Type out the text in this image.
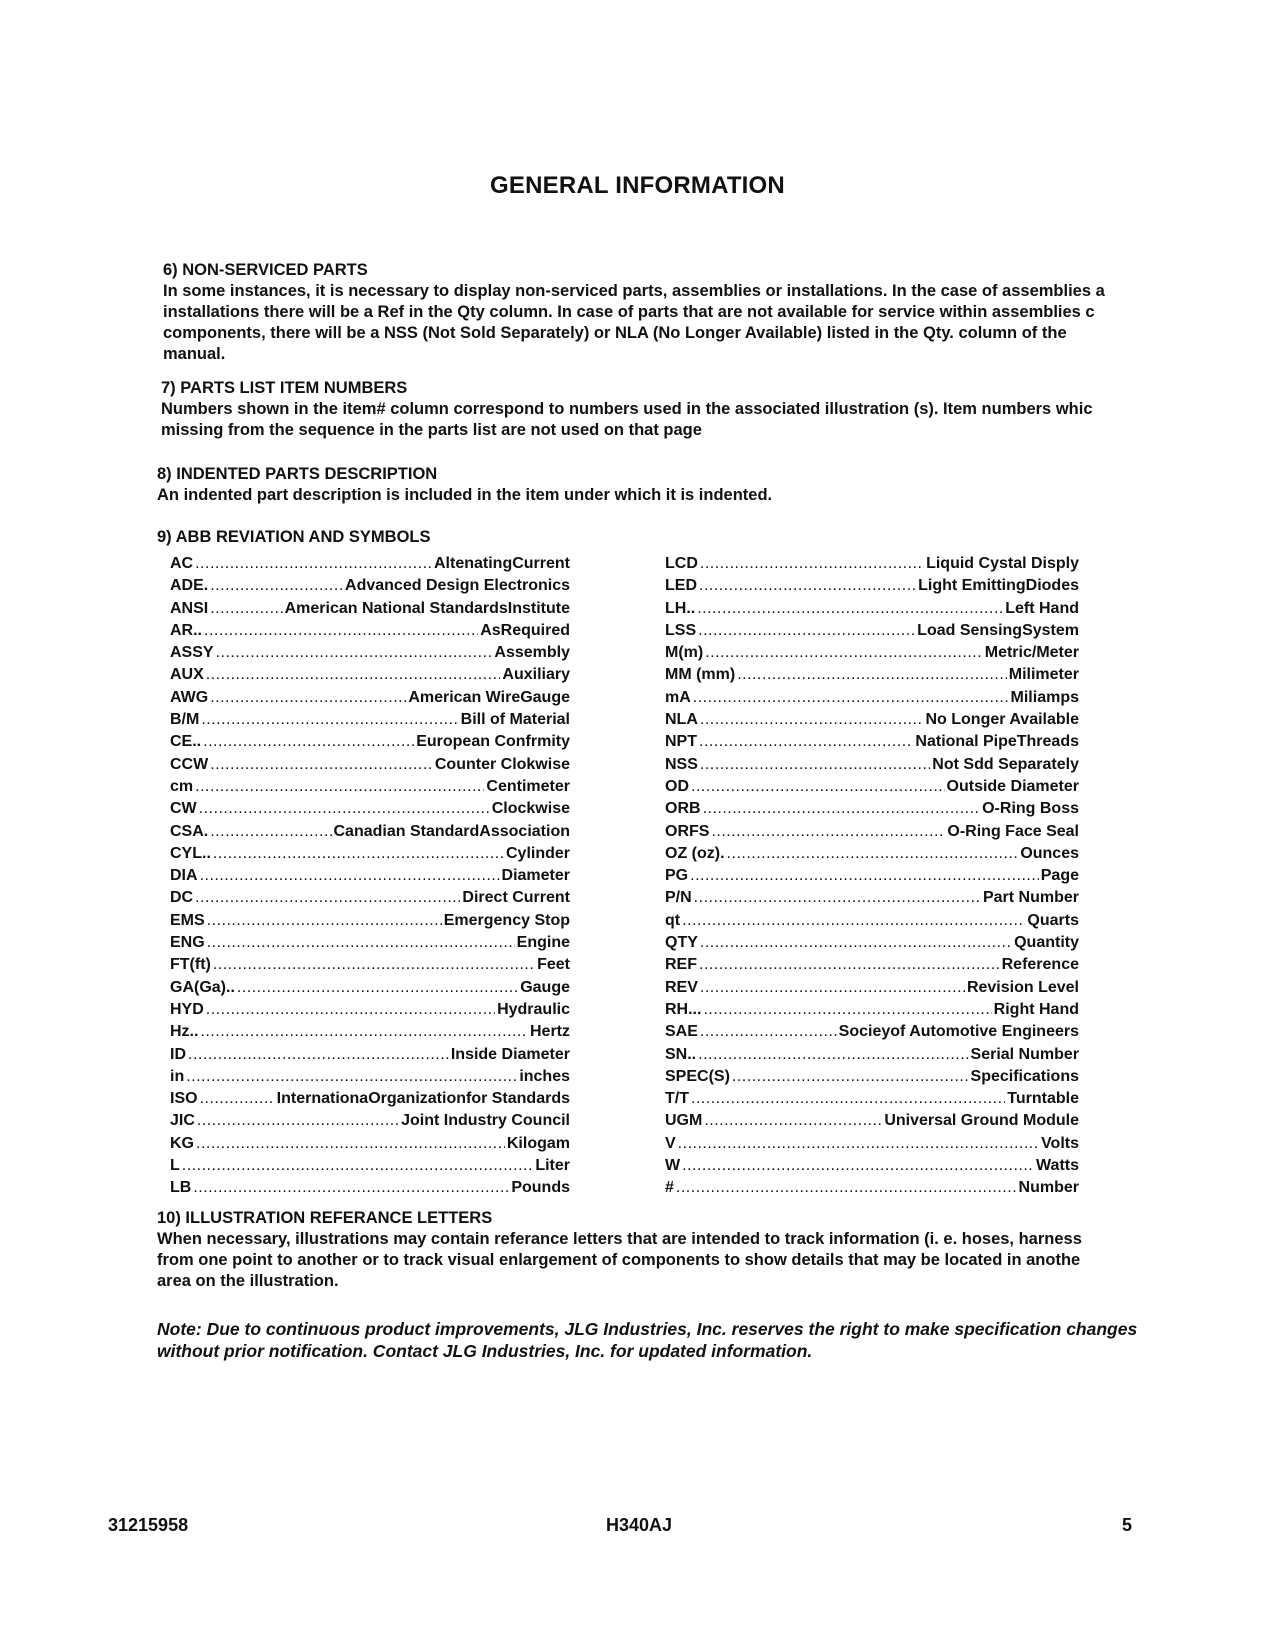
GENERAL INFORMATION
6) NON-SERVICED PARTS
In some instances, it is necessary to display non-serviced parts, assemblies or installations. In the case of assemblies a
installations there will be a Ref in the Qty column. In case of parts that are not available for service within assemblies c
components, there will be a NSS (Not Sold Separately) or NLA (No Longer Available) listed in the Qty. column of the
manual.
7) PARTS LIST ITEM NUMBERS
Numbers shown in the item# column correspond to numbers used in the associated illustration (s). Item numbers whic
missing from the sequence in the parts list are not used on that page
8) INDENTED PARTS DESCRIPTION
An indented part description is included in the item under which it is indented.
9) ABB REVIATION AND SYMBOLS
AC .....	AltenatingCurrent
ADE. .....	Advanced Design Electronics
ANSI .....	American National StandardsInstitute
AR.. .....	AsRequired
ASSY .....	Assembly
AUX .....	Auxiliary
AWG .....	American WireGauge
B/M .....	Bill of Material
CE.. .....	European Confrmity
CCW .....	Counter Clokwise
cm .....	Centimeter
CW .....	Clockwise
CSA. .....	Canadian StandardAssociation
CYL.. .....	Cylinder
DIA .....	Diameter
DC .....	Direct Current
EMS .....	Emergency Stop
ENG .....	Engine
FT(ft) .....	Feet
GA(Ga).. .....	Gauge
HYD .....	Hydraulic
Hz.. .....	Hertz
ID .....	Inside Diameter
in .....	inches
ISO .....	InternationaOrganizationfor Standards
JIC .....	Joint Industry Council
KG .....	Kilogam
L .....	Liter
LB .....	Pounds
LCD .....	Liquid Cystal Disply
LED .....	Light EmittingDiodes
LH.. .....	Left Hand
LSS .....	Load SensingSystem
M(m) .....	Metric/Meter
MM (mm) .....	Milimeter
mA .....	Miliamps
NLA .....	No Longer Available
NPT .....	National PipeThreads
NSS .....	Not Sdd Separately
OD .....	Outside Diameter
ORB .....	O-Ring Boss
ORFS .....	O-Ring Face Seal
OZ (oz). .....	Ounces
PG .....	Page
P/N .....	Part Number
qt .....	Quarts
QTY .....	Quantity
REF .....	Reference
REV .....	Revision Level
RH... .....	Right Hand
SAE .....	Socieyof Automotive Engineers
SN.. .....	Serial Number
SPEC(S) .....	Specifications
T/T .....	Turntable
UGM .....	Universal Ground Module
V .....	Volts
W .....	Watts
# .....	Number
10) ILLUSTRATION REFERANCE LETTERS
When necessary, illustrations may contain referance letters that are intended to track information (i. e. hoses, harness
from one point to another or to track visual enlargement of components to show details that may be located in anothe
area on the illustration.
Note: Due to continuous product improvements, JLG Industries, Inc. reserves the right to make specification changes
without prior notification. Contact JLG Industries, Inc. for updated information.
31215958	H340AJ	5
